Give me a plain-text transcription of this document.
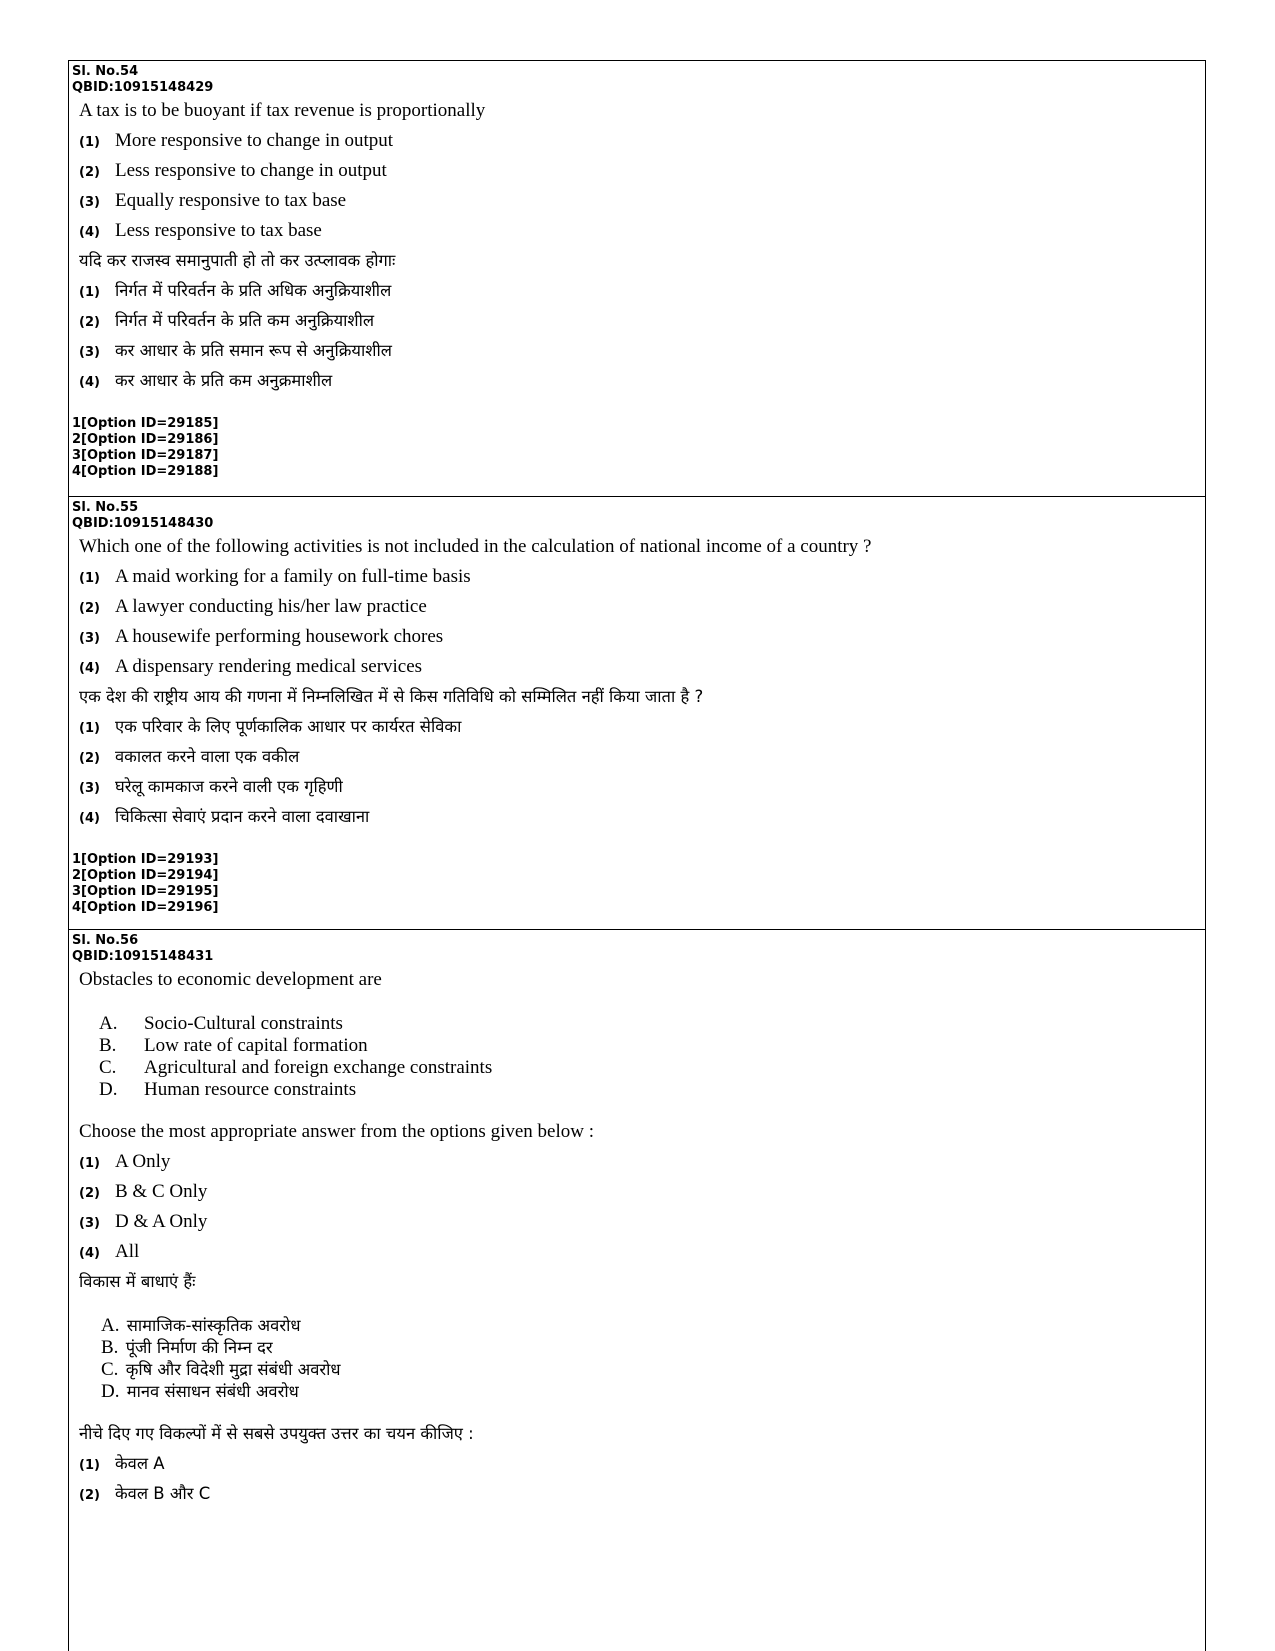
Sl. No.54
QBID:10915148429
A tax is to be buoyant if tax revenue is proportionally
(1) More responsive to change in output
(2) Less responsive to change in output
(3) Equally responsive to tax base
(4) Less responsive to tax base
यदि कर राजस्व समानुपाती हो तो कर उत्प्लावक होगाः
(1) निर्गत में परिवर्तन के प्रति अधिक अनुक्रियाशील
(2) निर्गत में परिवर्तन के प्रति कम अनुक्रियाशील
(3) कर आधार के प्रति समान रूप से अनुक्रियाशील
(4) कर आधार के प्रति कम अनुक्रमाशील
1[Option ID=29185]
2[Option ID=29186]
3[Option ID=29187]
4[Option ID=29188]
Sl. No.55
QBID:10915148430
Which one of the following activities is not included in the calculation of national income of a country ?
(1) A maid working for a family on full-time basis
(2) A lawyer conducting his/her law practice
(3) A housewife performing housework chores
(4) A dispensary rendering medical services
एक देश की राष्ट्रीय आय की गणना में निम्नलिखित में से किस गतिविधि को सम्मिलित नहीं किया जाता है ?
(1) एक परिवार के लिए पूर्णकालिक आधार पर कार्यरत सेविका
(2) वकालत करने वाला एक वकील
(3) घरेलू कामकाज करने वाली एक गृहिणी
(4) चिकित्सा सेवाएं प्रदान करने वाला दवाखाना
1[Option ID=29193]
2[Option ID=29194]
3[Option ID=29195]
4[Option ID=29196]
Sl. No.56
QBID:10915148431
Obstacles to economic development are
A.	Socio-Cultural constraints
B.	Low rate of capital formation
C.	Agricultural and foreign exchange constraints
D.	Human resource constraints
Choose the most appropriate answer from the options given below :
(1) A Only
(2) B & C Only
(3) D & A Only
(4) All
विकास में बाधाएं हैंः
A. सामाजिक-सांस्कृतिक अवरोध
B. पूंजी निर्माण की निम्न दर
C. कृषि और विदेशी मुद्रा संबंधी अवरोध
D. मानव संसाधन संबंधी अवरोध
नीचे दिए गए विकल्पों में से सबसे उपयुक्त उत्तर का चयन कीजिए :
(1) केवल A
(2) केवल B और C
